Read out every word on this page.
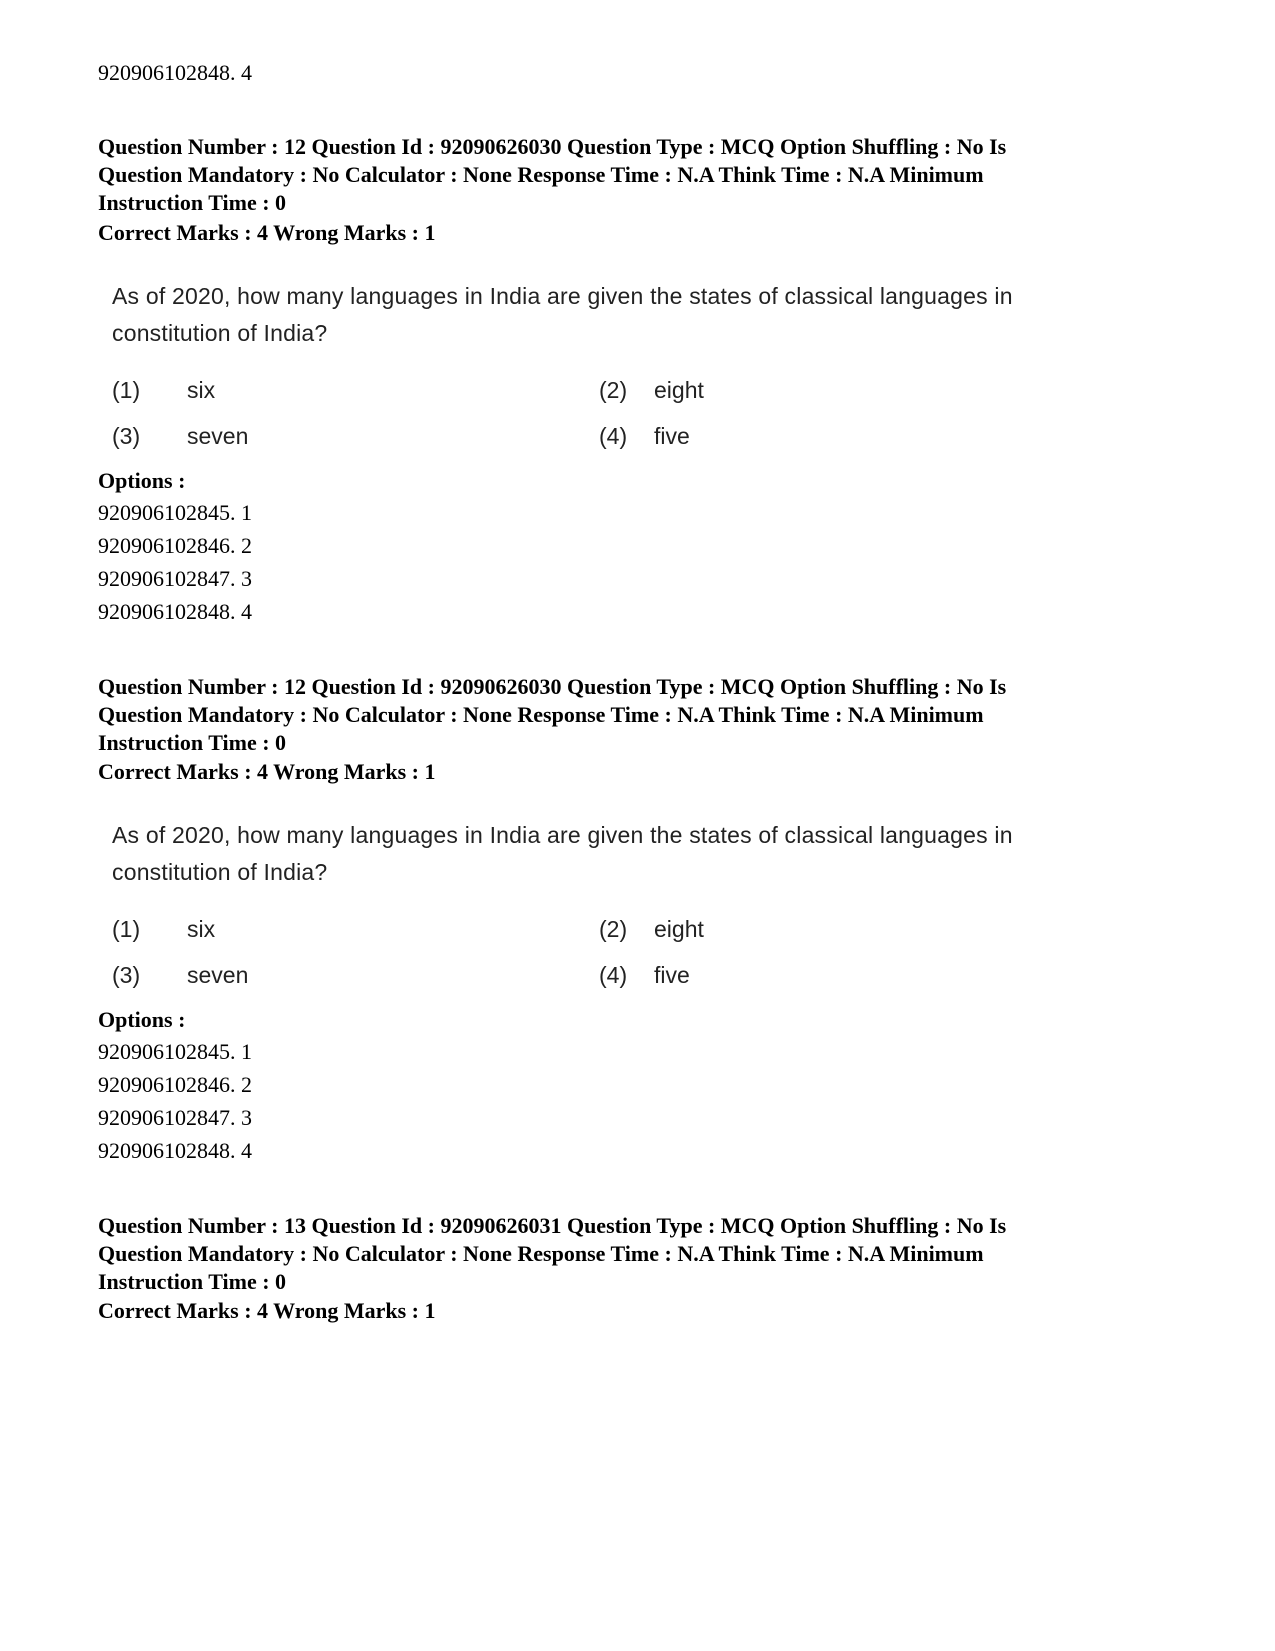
920906102848. 4
Question Number : 12 Question Id : 92090626030 Question Type : MCQ Option Shuffling : No Is
Question Mandatory : No Calculator : None Response Time : N.A Think Time : N.A Minimum
Instruction Time : 0
Correct Marks : 4 Wrong Marks : 1
As of 2020, how many languages in India are given the states of classical languages in
constitution of India?
(1)	six	(2)	eight
(3)	seven	(4)	five
Options :
920906102845. 1
920906102846. 2
920906102847. 3
920906102848. 4
Question Number : 12 Question Id : 92090626030 Question Type : MCQ Option Shuffling : No Is
Question Mandatory : No Calculator : None Response Time : N.A Think Time : N.A Minimum
Instruction Time : 0
Correct Marks : 4 Wrong Marks : 1
As of 2020, how many languages in India are given the states of classical languages in
constitution of India?
(1)	six	(2)	eight
(3)	seven	(4)	five
Options :
920906102845. 1
920906102846. 2
920906102847. 3
920906102848. 4
Question Number : 13 Question Id : 92090626031 Question Type : MCQ Option Shuffling : No Is
Question Mandatory : No Calculator : None Response Time : N.A Think Time : N.A Minimum
Instruction Time : 0
Correct Marks : 4 Wrong Marks : 1
